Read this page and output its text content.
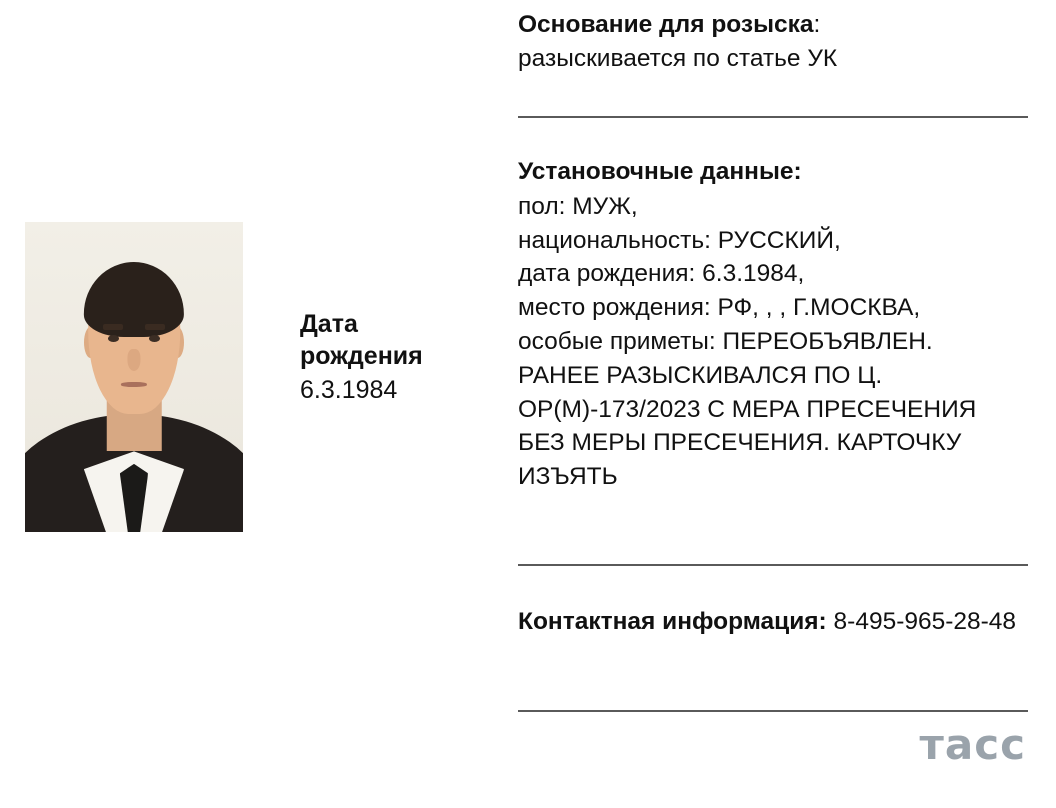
Дата
рождения
6.3.1984
Основание для розыска:
разыскивается по статье УК
Установочные данные:
пол: МУЖ,
национальность: РУССКИЙ,
дата рождения: 6.3.1984,
место рождения: РФ, , , Г.МОСКВА,
особые приметы: ПЕРЕОБЪЯВЛЕН.
РАНЕЕ РАЗЫСКИВАЛСЯ ПО Ц.
ОР(М)-173/2023 С МЕРА ПРЕСЕЧЕНИЯ
БЕЗ МЕРЫ ПРЕСЕЧЕНИЯ. КАРТОЧКУ
ИЗЪЯТЬ
Контактная информация: 8-495-965-28-48
тасс
